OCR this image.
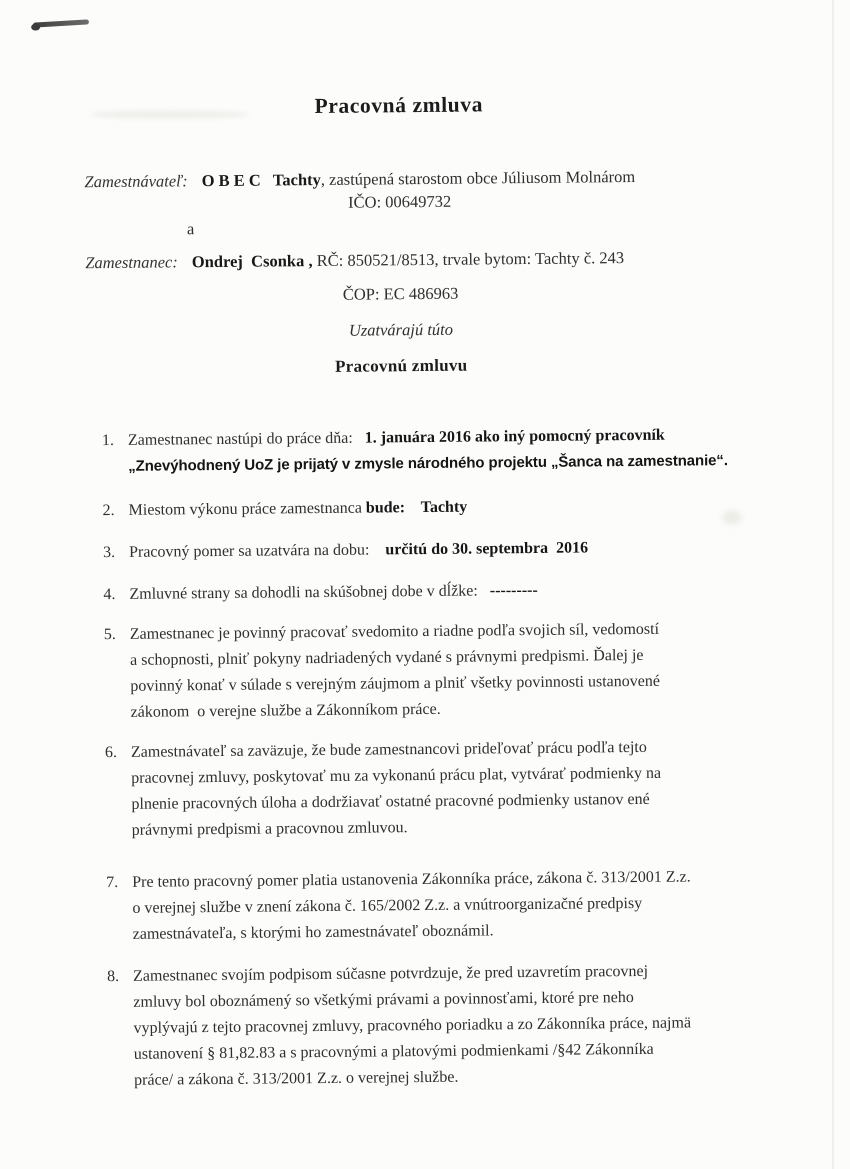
Pracovná zmluva
Zamestnávateľ: O B E C   Tachty, zastúpená starostom obce Júliusom Molnárom
IČO: 00649732
a
Zamestnanec: Ondrej  Csonka , RČ: 850521/8513, trvale bytom: Tachty č. 243
ČOP: EC 486963
Uzatvárajú túto
Pracovnú zmluvu
1. Zamestnanec nastúpi do práce dňa:   1. januára 2016 ako iný pomocný pracovník
„Znevýhodnený UoZ je prijatý v zmysle národného projektu „Šanca na zamestnanie“.
2. Miestom výkonu práce zamestnanca bude:    Tachty
3. Pracovný pomer sa uzatvára na dobu:    určitú do 30. septembra  2016
4. Zmluvné strany sa dohodli na skúšobnej dobe v dĺžke:   ---------
5. Zamestnanec je povinný pracovať svedomito a riadne podľa svojich síl, vedomostí
a schopnosti, plniť pokyny nadriadených vydané s právnymi predpismi. Ďalej je
povinný konať v súlade s verejným záujmom a plniť všetky povinnosti ustanovené
zákonom  o verejne službe a Zákonníkom práce.
6. Zamestnávateľ sa zaväzuje, že bude zamestnancovi prideľovať prácu podľa tejto
pracovnej zmluvy, poskytovať mu za vykonanú prácu plat, vytvárať podmienky na
plnenie pracovných úloha a dodržiavať ostatné pracovné podmienky ustanov ené
právnymi predpismi a pracovnou zmluvou.
7. Pre tento pracovný pomer platia ustanovenia Zákonníka práce, zákona č. 313/2001 Z.z.
o verejnej službe v znení zákona č. 165/2002 Z.z. a vnútroorganizačné predpisy
zamestnávateľa, s ktorými ho zamestnávateľ oboznámil.
8. Zamestnanec svojím podpisom súčasne potvrdzuje, že pred uzavretím pracovnej
zmluvy bol oboznámený so všetkými právami a povinnosťami, ktoré pre neho
vyplývajú z tejto pracovnej zmluvy, pracovného poriadku a zo Zákonníka práce, najmä
ustanovení § 81,82.83 a s pracovnými a platovými podmienkami /§42 Zákonníka
práce/ a zákona č. 313/2001 Z.z. o verejnej službe.
